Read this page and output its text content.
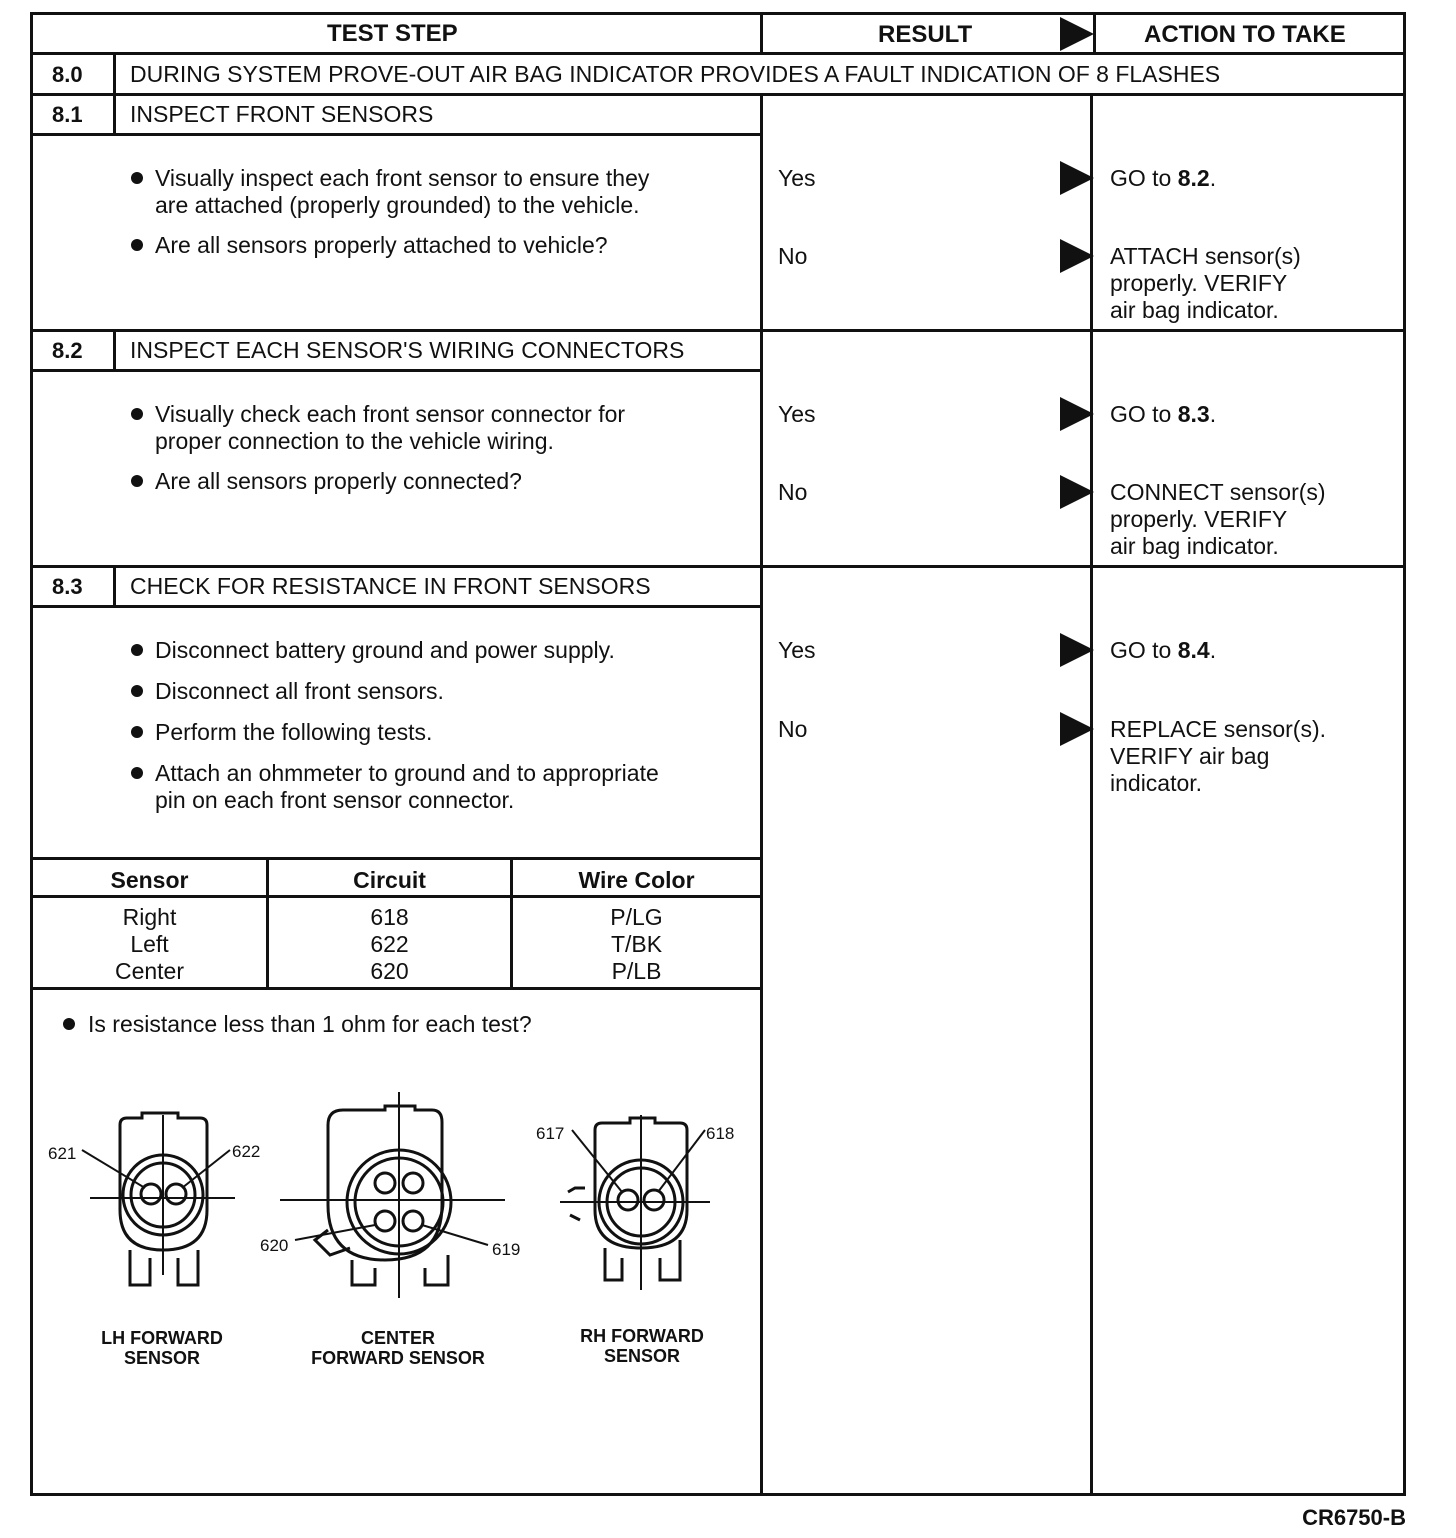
TEST STEP	RESULT	ACTION TO TAKE
8.0 DURING SYSTEM PROVE-OUT AIR BAG INDICATOR PROVIDES A FAULT INDICATION OF 8 FLASHES
8.1 INSPECT FRONT SENSORS
Visually inspect each front sensor to ensure they
are attached (properly grounded) to the vehicle.
Are all sensors properly attached to vehicle?
Yes	GO to 8.2.
No	ATTACH sensor(s)
properly. VERIFY
air bag indicator.
8.2 INSPECT EACH SENSOR'S WIRING CONNECTORS
Visually check each front sensor connector for
proper connection to the vehicle wiring.
Are all sensors properly connected?
Yes	GO to 8.3.
No	CONNECT sensor(s)
properly. VERIFY
air bag indicator.
8.3 CHECK FOR RESISTANCE IN FRONT SENSORS
Disconnect battery ground and power supply.
Disconnect all front sensors.
Perform the following tests.
Attach an ohmmeter to ground and to appropriate
pin on each front sensor connector.
Yes	GO to 8.4.
No	REPLACE sensor(s).
VERIFY air bag
indicator.
Sensor	Circuit	Wire Color
Right	618	P/LG
Left	622	T/BK
Center	620	P/LB
Is resistance less than 1 ohm for each test?
621	622
620	619
617	618
LH FORWARD
SENSOR
CENTER
FORWARD SENSOR
RH FORWARD
SENSOR
CR6750-B
